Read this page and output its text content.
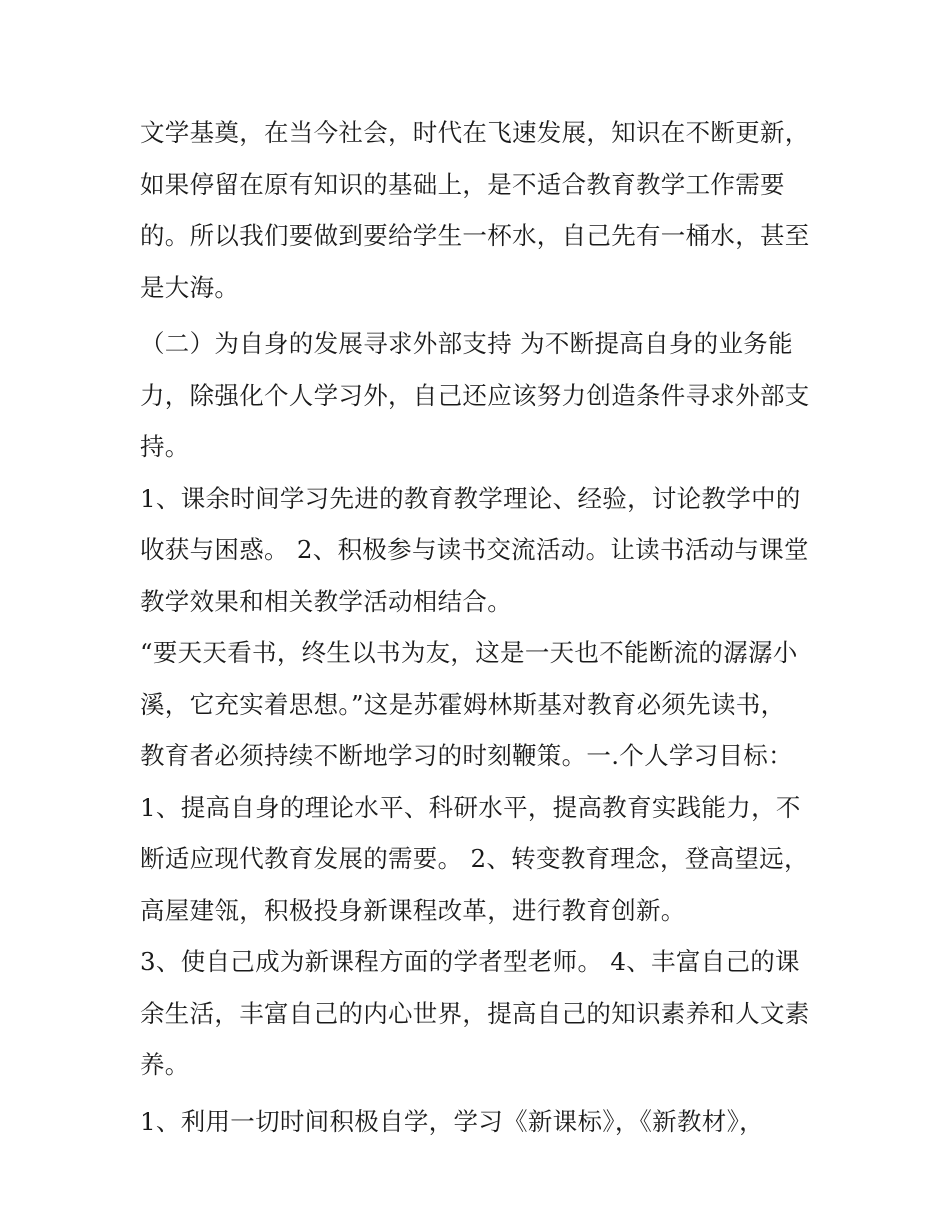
文学基奠，在当今社会，时代在飞速发展，知识在不断更新，
如果停留在原有知识的基础上，是不适合教育教学工作需要
的。所以我们要做到要给学生一杯水，自己先有一桶水，甚至
是大海。
（二）为自身的发展寻求外部支持 为不断提高自身的业务能
力，除强化个人学习外，自己还应该努力创造条件寻求外部支
持。
1、课余时间学习先进的教育教学理论、经验，讨论教学中的
收获与困惑。 2、积极参与读书交流活动。让读书活动与课堂
教学效果和相关教学活动相结合。
“要天天看书，终生以书为友，这是一天也不能断流的潺潺小
溪，它充实着思想。”这是苏霍姆林斯基对教育必须先读书，
教育者必须持续不断地学习的时刻鞭策。一.个人学习目标：
1、提高自身的理论水平、科研水平，提高教育实践能力，不
断适应现代教育发展的需要。 2、转变教育理念，登高望远，
高屋建瓴，积极投身新课程改革，进行教育创新。
3、使自己成为新课程方面的学者型老师。 4、丰富自己的课
余生活，丰富自己的内心世界，提高自己的知识素养和人文素
养。
1、利用一切时间积极自学，学习《新课标》，《新教材》，
